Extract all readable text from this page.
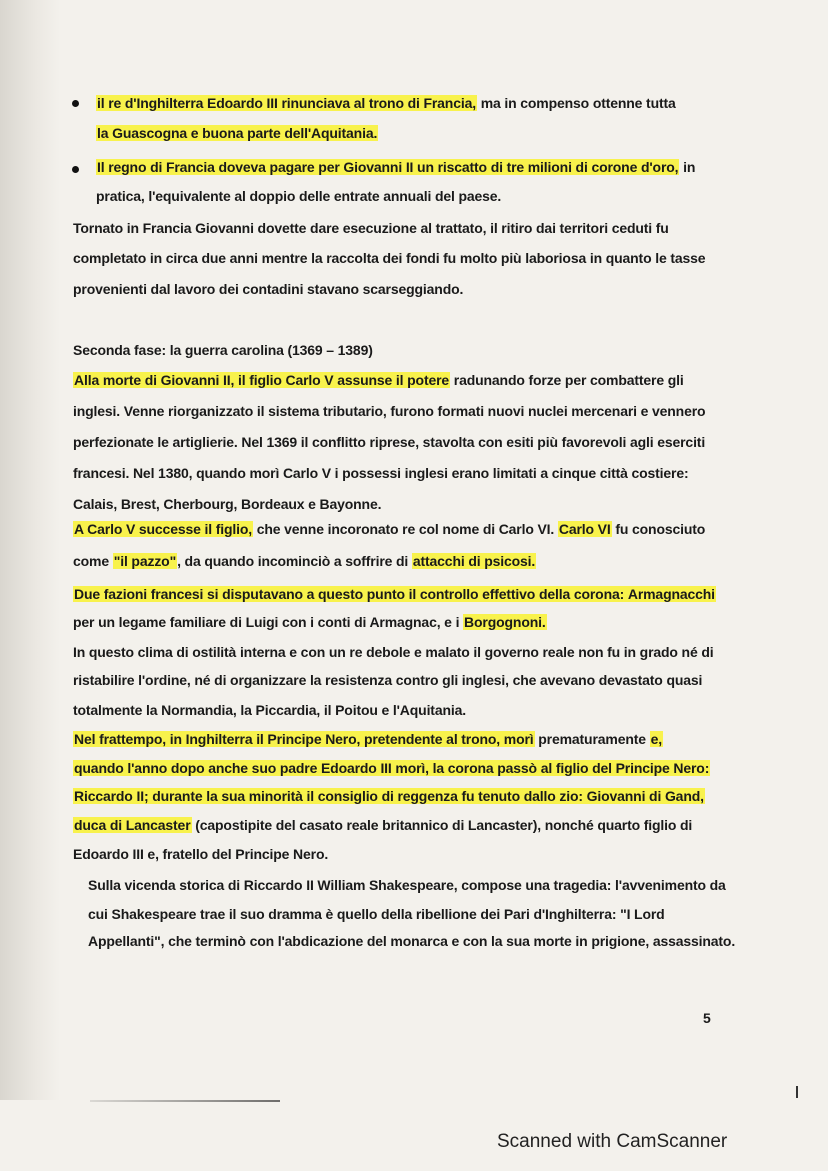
il re d'Inghilterra Edoardo III rinunciava al trono di Francia, ma in compenso ottenne tutta
la Guascogna e buona parte dell'Aquitania.
Il regno di Francia doveva pagare per Giovanni II un riscatto di tre milioni di corone d'oro, in
pratica, l'equivalente al doppio delle entrate annuali del paese.
Tornato in Francia Giovanni dovette dare esecuzione al trattato, il ritiro dai territori ceduti fu
completato in circa due anni mentre la raccolta dei fondi fu molto più laboriosa in quanto le tasse
provenienti dal lavoro dei contadini stavano scarseggiando.
Seconda fase: la guerra carolina (1369 – 1389)
Alla morte di Giovanni II, il figlio Carlo V assunse il potere radunando forze per combattere gli
inglesi. Venne riorganizzato il sistema tributario, furono formati nuovi nuclei mercenari e vennero
perfezionate le artiglierie. Nel 1369 il conflitto riprese, stavolta con esiti più favorevoli agli eserciti
francesi. Nel 1380, quando morì Carlo V i possessi inglesi erano limitati a cinque città costiere:
Calais, Brest, Cherbourg, Bordeaux e Bayonne.
A Carlo V successe il figlio, che venne incoronato re col nome di Carlo VI. Carlo VI fu conosciuto
come "il pazzo", da quando incominciò a soffrire di attacchi di psicosi.
Due fazioni francesi si disputavano a questo punto il controllo effettivo della corona: Armagnacchi
per un legame familiare di Luigi con i conti di Armagnac, e i Borgognoni.
In questo clima di ostilità interna e con un re debole e malato il governo reale non fu in grado né di
ristabilire l'ordine, né di organizzare la resistenza contro gli inglesi, che avevano devastato quasi
totalmente la Normandia, la Piccardia, il Poitou e l'Aquitania.
Nel frattempo, in Inghilterra il Principe Nero, pretendente al trono, morì prematuramente e,
quando l'anno dopo anche suo padre Edoardo III morì, la corona passò al figlio del Principe Nero:
Riccardo II; durante la sua minorità il consiglio di reggenza fu tenuto dallo zio: Giovanni di Gand,
duca di Lancaster (capostipite del casato reale britannico di Lancaster), nonché quarto figlio di
Edoardo III e, fratello del Principe Nero.
Sulla vicenda storica di Riccardo II William Shakespeare, compose una tragedia: l'avvenimento da
cui Shakespeare trae il suo dramma è quello della ribellione dei Pari d'Inghilterra: "I Lord
Appellanti", che terminò con l'abdicazione del monarca e con la sua morte in prigione, assassinato.
5
Scanned with CamScanner
